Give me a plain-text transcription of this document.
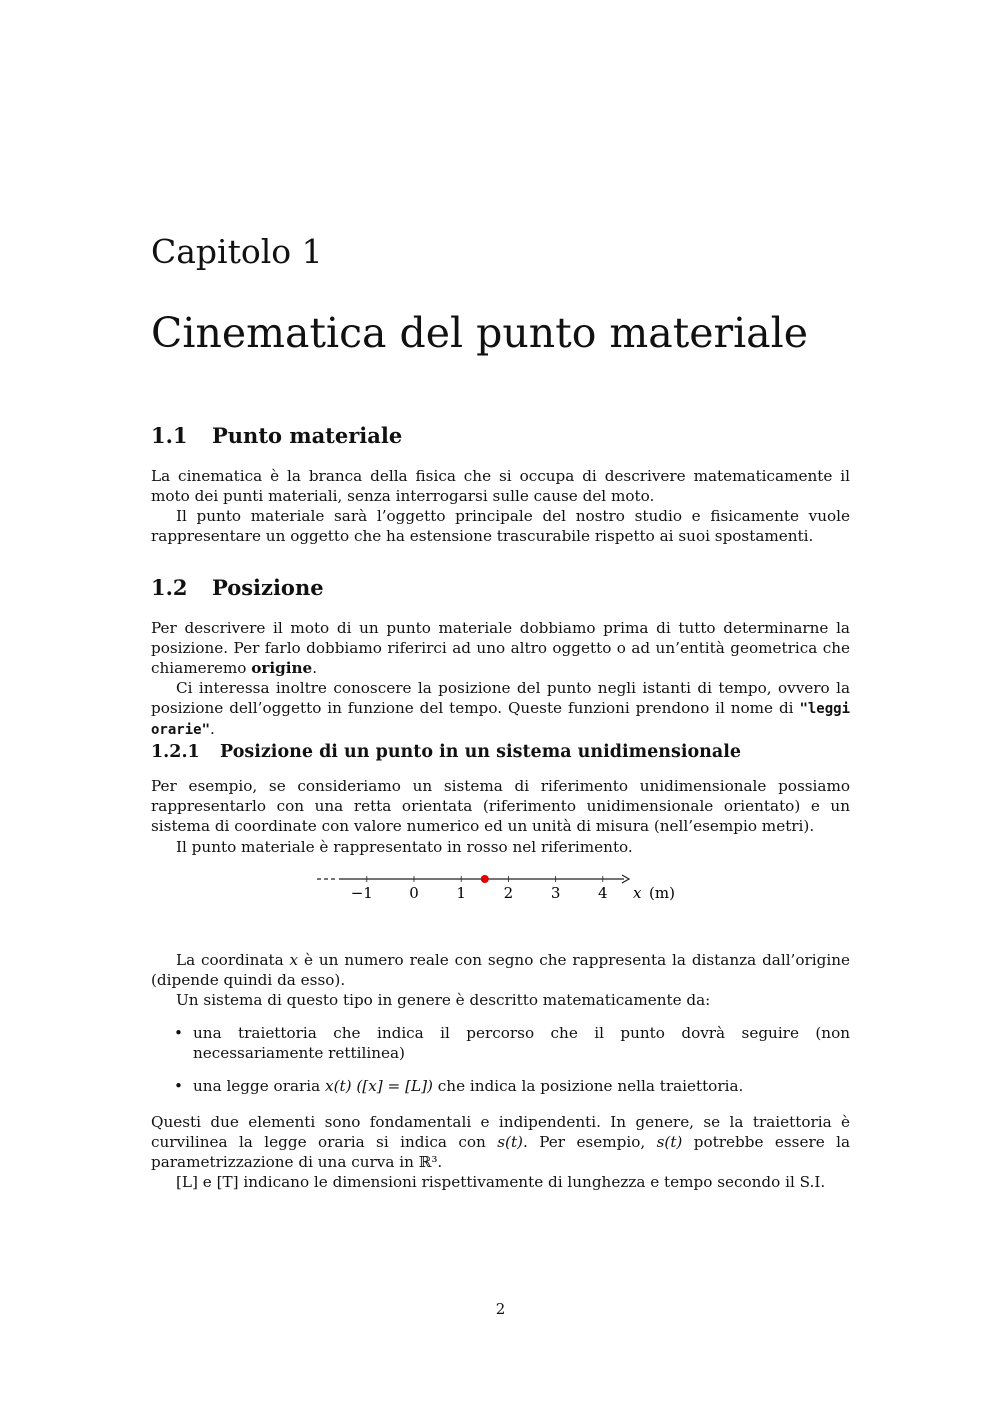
Capitolo 1
Cinematica del punto materiale
1.1 Punto materiale
La cinematica è la branca della fisica che si occupa di descrivere matematicamente il moto dei punti materiali, senza interrogarsi sulle cause del moto.
Il punto materiale sarà l’oggetto principale del nostro studio e fisicamente vuole rappresentare un oggetto che ha estensione trascurabile rispetto ai suoi spostamenti.
1.2 Posizione
Per descrivere il moto di un punto materiale dobbiamo prima di tutto determinarne la posizione. Per farlo dobbiamo riferirci ad uno altro oggetto o ad un’entità geometrica che chiameremo origine.
Ci interessa inoltre conoscere la posizione del punto negli istanti di tempo, ovvero la posizione dell’oggetto in funzione del tempo. Queste funzioni prendono il nome di "leggi orarie".
1.2.1 Posizione di un punto in un sistema unidimensionale
Per esempio, se consideriamo un sistema di riferimento unidimensionale possiamo rappresentarlo con una retta orientata (riferimento unidimensionale orientato) e un sistema di coordinate con valore numerico ed un unità di misura (nell’esempio metri).
Il punto materiale è rappresentato in rosso nel riferimento.
−1 0	1	2	3	4 x (m)
La coordinata x è un numero reale con segno che rappresenta la distanza dall’origine (dipende quindi da esso).
Un sistema di questo tipo in genere è descritto matematicamente da:
• una traiettoria che indica il percorso che il punto dovrà seguire (non necessariamente rettilinea)
• una legge oraria x(t) ([x] = [L]) che indica la posizione nella traiettoria.
Questi due elementi sono fondamentali e indipendenti. In genere, se la traiettoria è curvilinea la legge oraria si indica con s(t). Per esempio, s(t) potrebbe essere la parametrizzazione di una curva in ℝ³.
[L] e [T] indicano le dimensioni rispettivamente di lunghezza e tempo secondo il S.I.
2
